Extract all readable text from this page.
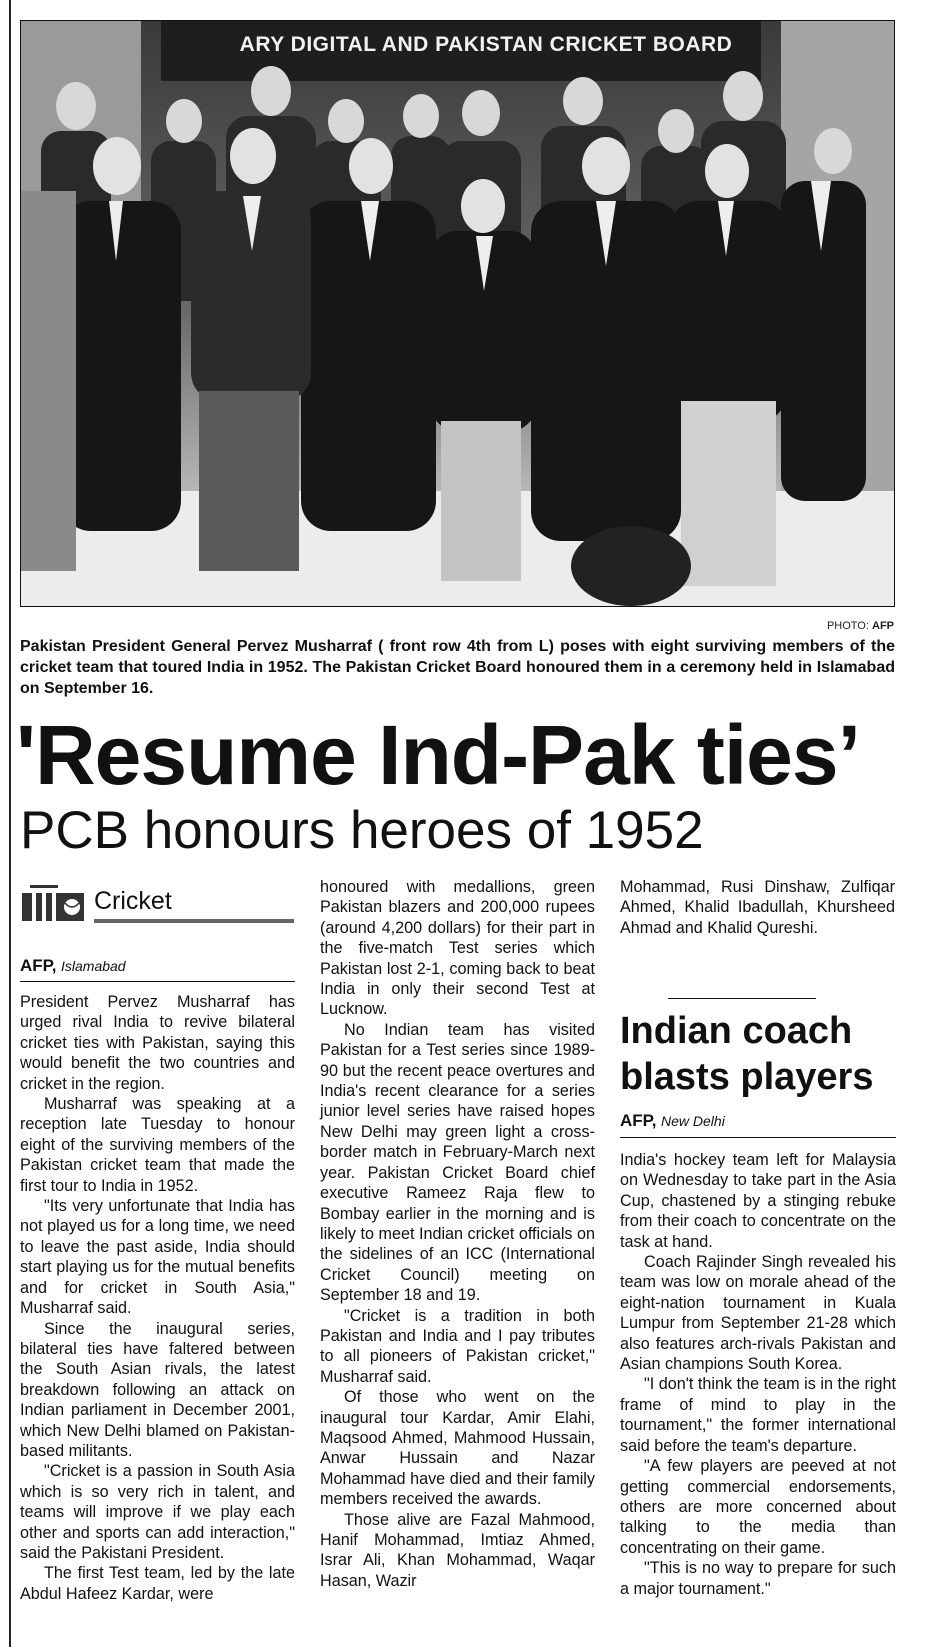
ARY DIGITAL AND PAKISTAN CRICKET BOARD
PHOTO: AFP
Pakistan President General Pervez Musharraf ( front row 4th from L) poses with eight surviving members of the cricket team that toured India in 1952. The Pakistan Cricket Board honoured them in a ceremony held in Islamabad on September 16.
'Resume Ind-Pak ties’
PCB honours heroes of 1952
Cricket
AFP, Islamabad

President Pervez Musharraf has urged rival India to revive bilateral cricket ties with Pakistan, saying this would benefit the two countries and cricket in the region.

Musharraf was speaking at a reception late Tuesday to honour eight of the surviving members of the Pakistan cricket team that made the first tour to India in 1952.

"Its very unfortunate that India has not played us for a long time, we need to leave the past aside, India should start playing us for the mutual benefits and for cricket in South Asia," Musharraf said.

Since the inaugural series, bilateral ties have faltered between the South Asian rivals, the latest breakdown following an attack on Indian parliament in December 2001, which New Delhi blamed on Pakistan-based militants.

"Cricket is a passion in South Asia which is so very rich in talent, and teams will improve if we play each other and sports can add interaction," said the Pakistani President.

The first Test team, led by the late Abdul Hafeez Kardar, were

honoured with medallions, green Pakistan blazers and 200,000 rupees (around 4,200 dollars) for their part in the five-match Test series which Pakistan lost 2-1, coming back to beat India in only their second Test at Lucknow.

No Indian team has visited Pakistan for a Test series since 1989-90 but the recent peace overtures and India's recent clearance for a series junior level series have raised hopes New Delhi may green light a cross-border match in February-March next year. Pakistan Cricket Board chief executive Rameez Raja flew to Bombay earlier in the morning and is likely to meet Indian cricket officials on the sidelines of an ICC (International Cricket Council) meeting on September 18 and 19.

"Cricket is a tradition in both Pakistan and India and I pay tributes to all pioneers of Pakistan cricket," Musharraf said.

Of those who went on the inaugural tour Kardar, Amir Elahi, Maqsood Ahmed, Mahmood Hussain, Anwar Hussain and Nazar Mohammad have died and their family members received the awards.

Those alive are Fazal Mahmood, Hanif Mohammad, Imtiaz Ahmed, Israr Ali, Khan Mohammad, Waqar Hasan, Wazir

Mohammad, Rusi Dinshaw, Zulfiqar Ahmed, Khalid Ibadullah, Khursheed Ahmad and Khalid Qureshi.

Indian coach blasts players
AFP, New Delhi

India's hockey team left for Malaysia on Wednesday to take part in the Asia Cup, chastened by a stinging rebuke from their coach to concentrate on the task at hand.

Coach Rajinder Singh revealed his team was low on morale ahead of the eight-nation tournament in Kuala Lumpur from September 21-28 which also features arch-rivals Pakistan and Asian champions South Korea.

"I don't think the team is in the right frame of mind to play in the tournament," the former international said before the team's departure.

"A few players are peeved at not getting commercial endorsements, others are more concerned about talking to the media than concentrating on their game.

"This is no way to prepare for such a major tournament."
